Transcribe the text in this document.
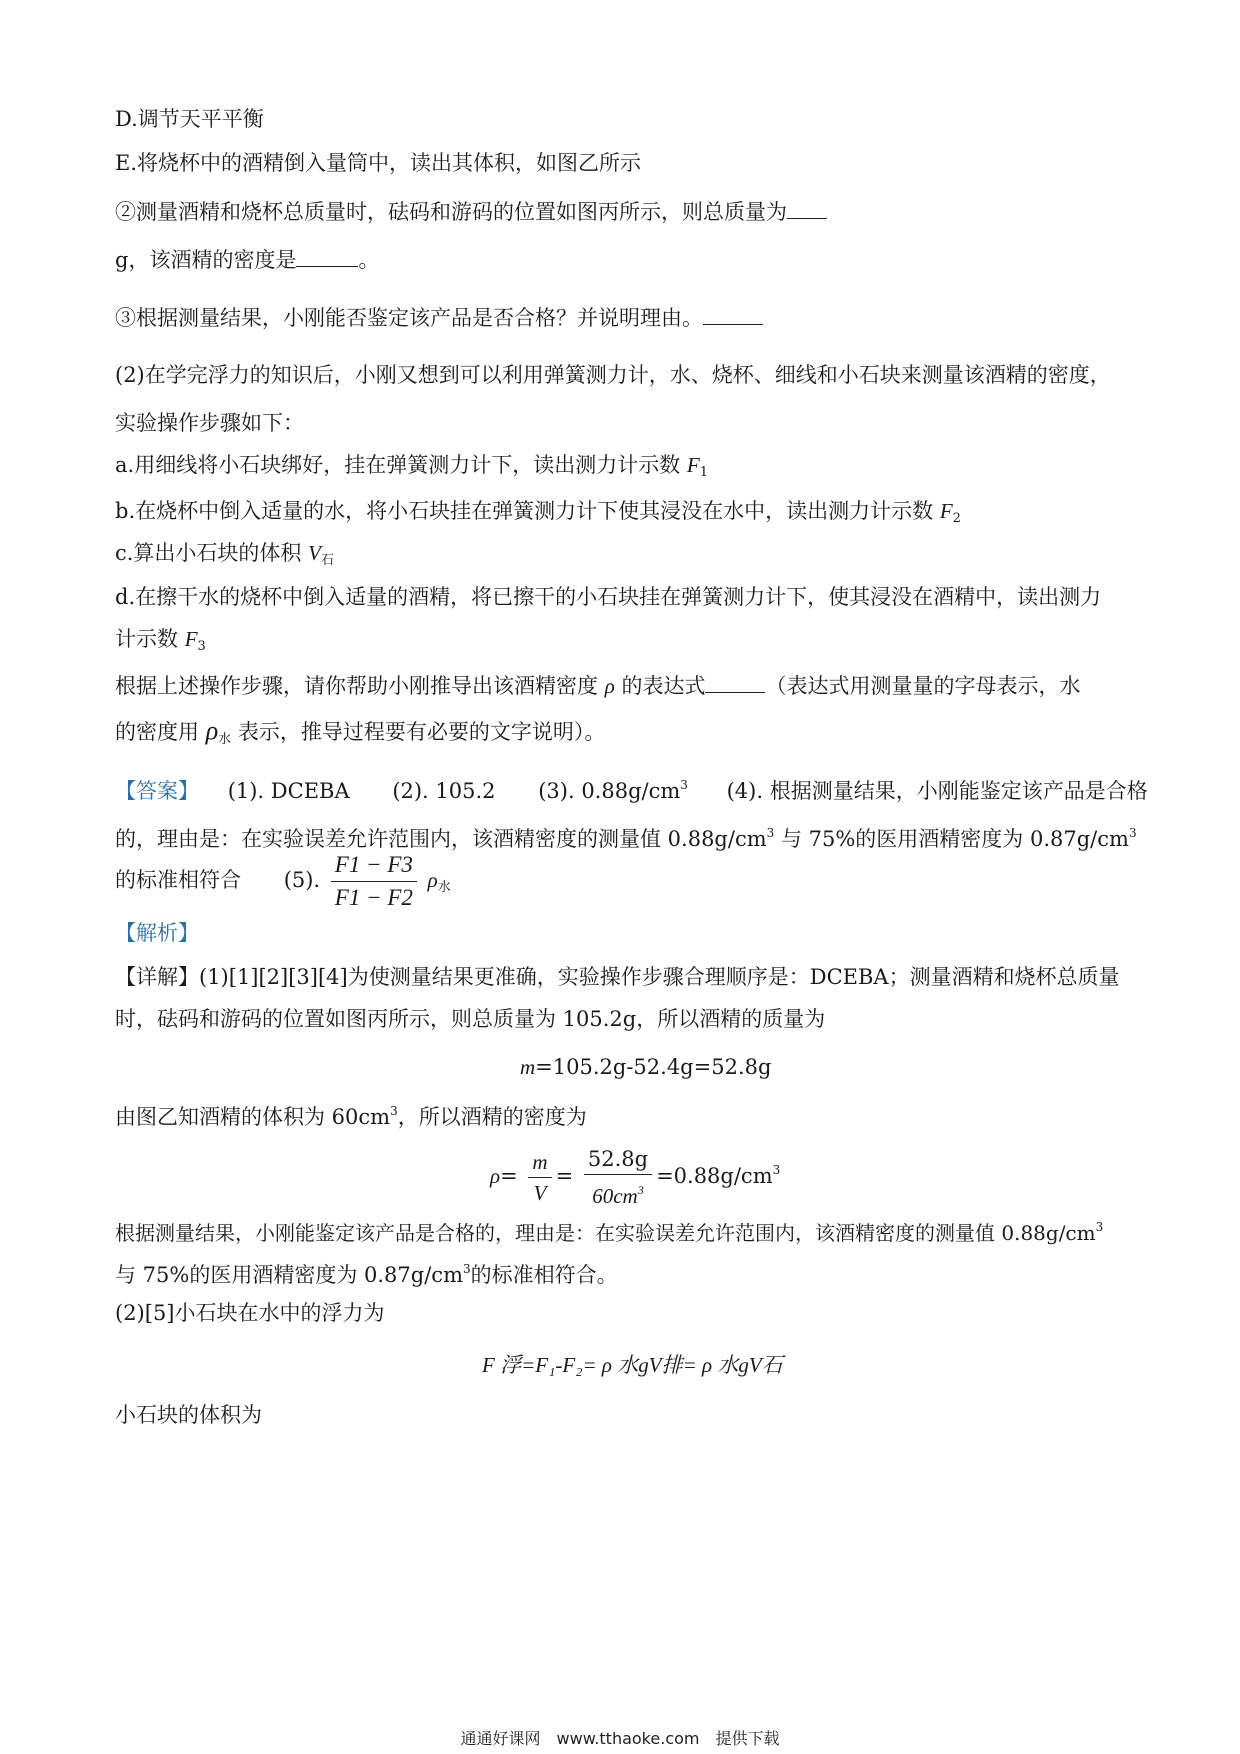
D.调节天平平衡
E.将烧杯中的酒精倒入量筒中，读出其体积，如图乙所示
②测量酒精和烧杯总质量时，砝码和游码的位置如图丙所示，则总质量为
g，该酒精的密度是	。
③根据测量结果，小刚能否鉴定该产品是否合格？并说明理由。
(2)在学完浮力的知识后，小刚又想到可以利用弹簧测力计，水、烧杯、细线和小石块来测量该酒精的密度，
实验操作步骤如下：
a.用细线将小石块绑好，挂在弹簧测力计下，读出测力计示数 $F_1$
b.在烧杯中倒入适量的水，将小石块挂在弹簧测力计下使其浸没在水中，读出测力计示数 $F_2$
c.算出小石块的体积 $V_石$
d.在擦干水的烧杯中倒入适量的酒精，将已擦干的小石块挂在弹簧测力计下，使其浸没在酒精中，读出测力
计示数 $F_3$
根据上述操作步骤，请你帮助小刚推导出该酒精密度 ρ 的表达式	（表达式用测量量的字母表示，水
的密度用 $\rho_水$ 表示，推导过程要有必要的文字说明）。
【答案】 (1). DCEBA (2). 105.2 (3). $0.88g/cm^3$ (4). 根据测量结果，小刚能鉴定该产品是合格
的，理由是：在实验误差允许范围内，该酒精密度的测量值 $0.88g/cm^3$ 与 75%的医用酒精密度为 $0.87g/cm^3$
的标准相符合 (5). $\frac{F1 - F3}{F1 - F2} \rho_水$
【解析】
【详解】(1)[1][2][3][4]为使测量结果更准确，实验操作步骤合理顺序是：DCEBA；测量酒精和烧杯总质量
时，砝码和游码的位置如图丙所示，则总质量为 105.2g，所以酒精的质量为
m=105.2g-52.4g=52.8g
由图乙知酒精的体积为 $60cm^3$，所以酒精的密度为
$\rho= \frac{m}{V} = \frac{52.8g}{60cm^3} =0.88g/cm^3$
根据测量结果，小刚能鉴定该产品是合格的，理由是：在实验误差允许范围内，该酒精密度的测量值 $0.88g/cm^3$
与 75%的医用酒精密度为 $0.87g/cm^3$的标准相符合。
(2)[5]小石块在水中的浮力为
F 浮=F₁-F₂= ρ 水gV排= ρ 水gV石
小石块的体积为
通通好课网　www.tthaoke.com　提供下载
